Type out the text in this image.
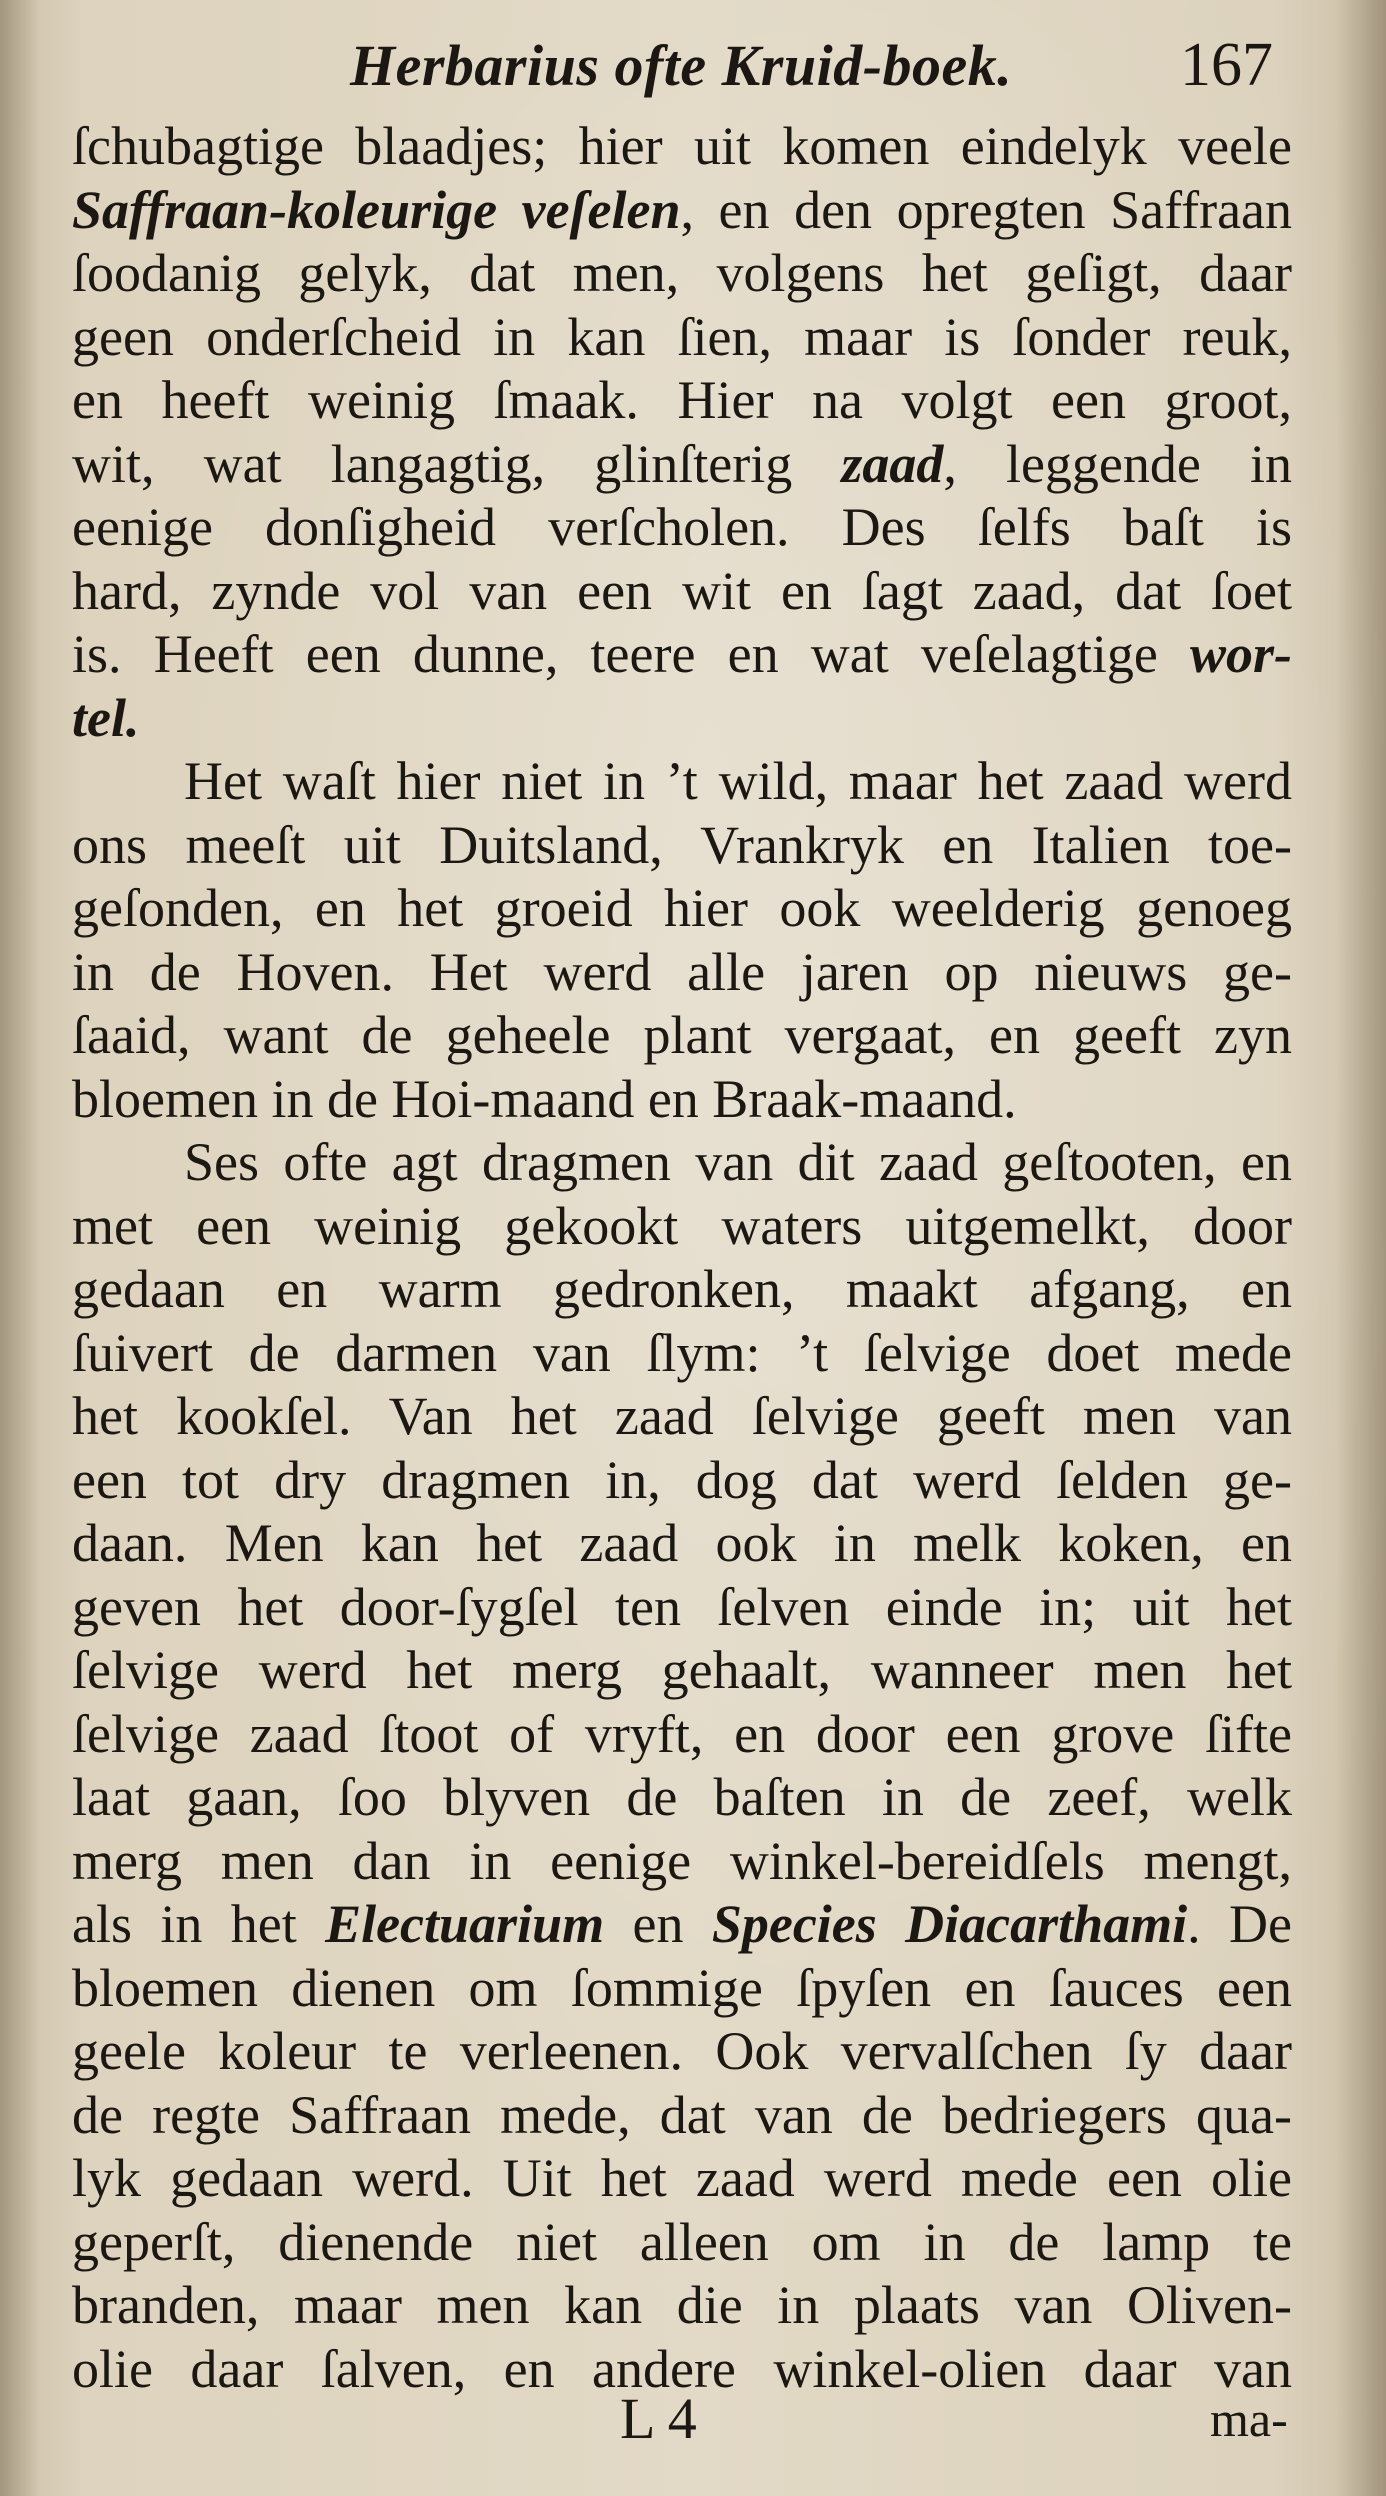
Herbarius ofte Kruid-boek.	167
ſchubagtige blaadjes; hier uit komen eindelyk veele
Saffraan-koleurige veſelen, en den opregten Saffraan
ſoodanig gelyk, dat men, volgens het geſigt, daar
geen onderſcheid in kan ſien, maar is ſonder reuk,
en heeft weinig ſmaak. Hier na volgt een groot,
wit, wat langagtig, glinſterig zaad, leggende in
eenige donſigheid verſcholen. Des ſelfs baſt is
hard, zynde vol van een wit en ſagt zaad, dat ſoet
is. Heeft een dunne, teere en wat veſelagtige wor-
tel.
Het waſt hier niet in ’t wild, maar het zaad werd
ons meeſt uit Duitsland, Vrankryk en Italien toe-
geſonden, en het groeid hier ook weelderig genoeg
in de Hoven. Het werd alle jaren op nieuws ge-
ſaaid, want de geheele plant vergaat, en geeft zyn
bloemen in de Hoi-maand en Braak-maand.
Ses ofte agt dragmen van dit zaad geſtooten, en
met een weinig gekookt waters uitgemelkt, door
gedaan en warm gedronken, maakt afgang, en
ſuivert de darmen van ſlym: ’t ſelvige doet mede
het kookſel. Van het zaad ſelvige geeft men van
een tot dry dragmen in, dog dat werd ſelden ge-
daan. Men kan het zaad ook in melk koken, en
geven het door-ſygſel ten ſelven einde in; uit het
ſelvige werd het merg gehaalt, wanneer men het
ſelvige zaad ſtoot of vryft, en door een grove ſifte
laat gaan, ſoo blyven de baſten in de zeef, welk
merg men dan in eenige winkel-bereidſels mengt,
als in het Electuarium en Species Diacarthami. De
bloemen dienen om ſommige ſpyſen en ſauces een
geele koleur te verleenen. Ook vervalſchen ſy daar
de regte Saffraan mede, dat van de bedriegers qua-
lyk gedaan werd. Uit het zaad werd mede een olie
geperſt, dienende niet alleen om in de lamp te
branden, maar men kan die in plaats van Oliven-
olie daar ſalven, en andere winkel-olien daar van
L 4	ma-
